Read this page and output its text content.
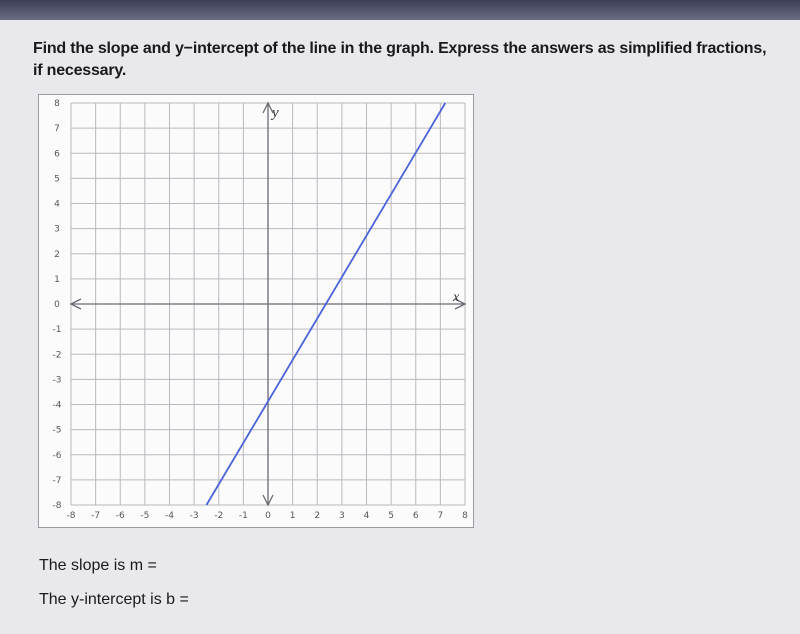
Find the slope and y−intercept of the line in the graph. Express the answers as simplified fractions, if necessary.
x
y
8
7
6
5
4
3
2
1
0
-1
-2
-3
-4
-5
-6
-7
-8
-8 -7 -6 -5 -4 -3 -2 -1 0 1 2 3 4 5 6 7 8
The slope is m =
The y-intercept is b =
